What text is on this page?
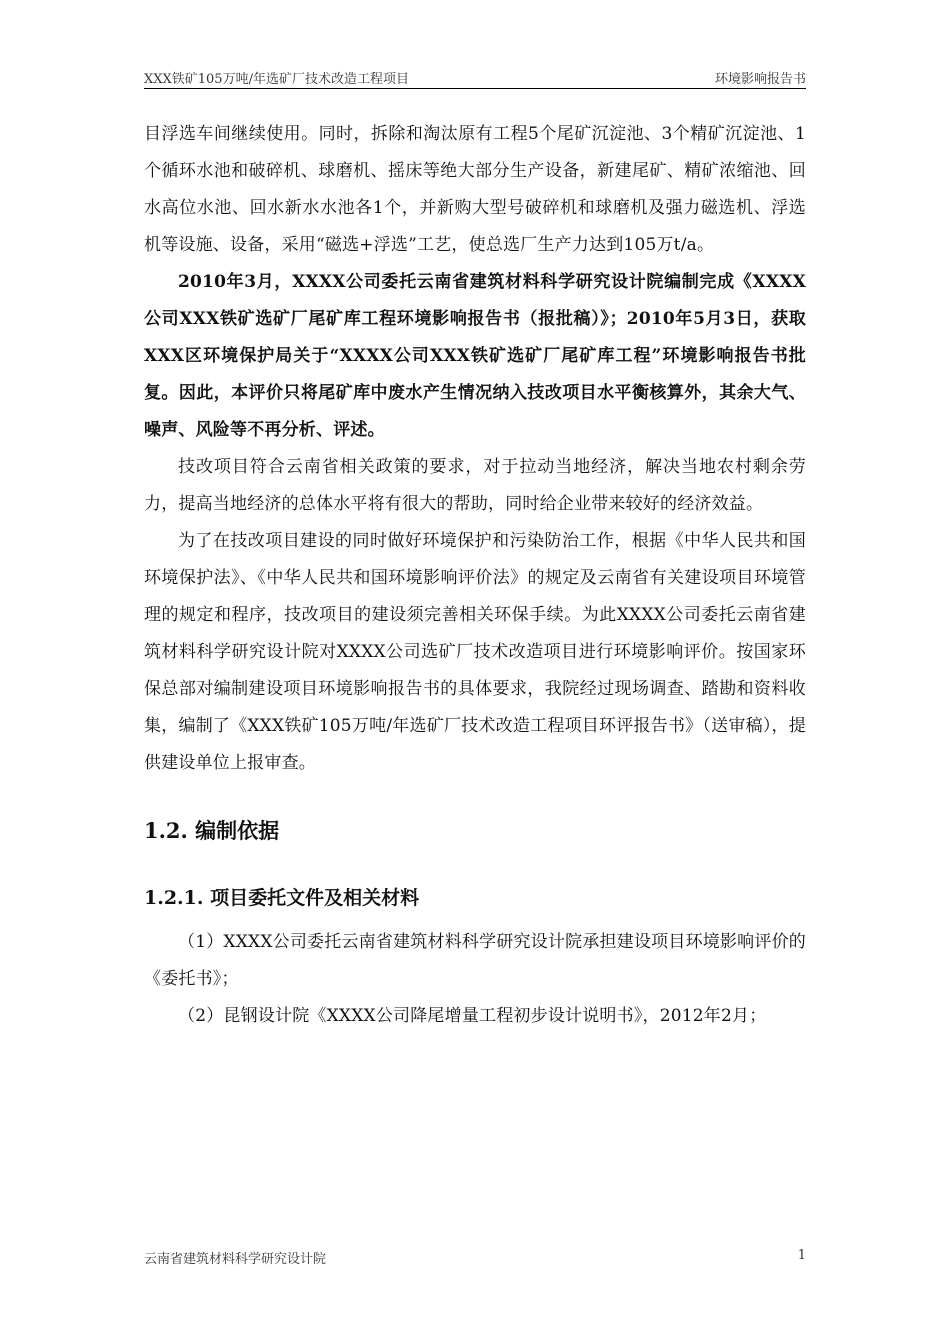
XXX铁矿105万吨/年选矿厂技术改造工程项目	环境影响报告书

目浮选车间继续使用。同时，拆除和淘汰原有工程5个尾矿沉淀池、3个精矿沉淀池、1个循环水池和破碎机、球磨机、摇床等绝大部分生产设备，新建尾矿、精矿浓缩池、回水高位水池、回水新水水池各1个，并新购大型号破碎机和球磨机及强力磁选机、浮选机等设施、设备，采用“磁选+浮选”工艺，使总选厂生产力达到105万t/a。

2010年3月，XXXX公司委托云南省建筑材料科学研究设计院编制完成《XXXX公司XXX铁矿选矿厂尾矿库工程环境影响报告书（报批稿）》；2010年5月3日，获取XXX区环境保护局关于“XXXX公司XXX铁矿选矿厂尾矿库工程”环境影响报告书批复。因此，本评价只将尾矿库中废水产生情况纳入技改项目水平衡核算外，其余大气、噪声、风险等不再分析、评述。

技改项目符合云南省相关政策的要求，对于拉动当地经济，解决当地农村剩余劳力，提高当地经济的总体水平将有很大的帮助，同时给企业带来较好的经济效益。

为了在技改项目建设的同时做好环境保护和污染防治工作，根据《中华人民共和国环境保护法》、《中华人民共和国环境影响评价法》的规定及云南省有关建设项目环境管理的规定和程序，技改项目的建设须完善相关环保手续。为此XXXX公司委托云南省建筑材料科学研究设计院对XXXX公司选矿厂技术改造项目进行环境影响评价。按国家环保总部对编制建设项目环境影响报告书的具体要求，我院经过现场调查、踏勘和资料收集，编制了《XXX铁矿105万吨/年选矿厂技术改造工程项目环评报告书》（送审稿），提供建设单位上报审查。

1.2. 编制依据
1.2.1. 项目委托文件及相关材料

（1）XXXX公司委托云南省建筑材料科学研究设计院承担建设项目环境影响评价的《委托书》；

（2）昆钢设计院《XXXX公司降尾增量工程初步设计说明书》，2012年2月；

云南省建筑材料科学研究设计院	1
